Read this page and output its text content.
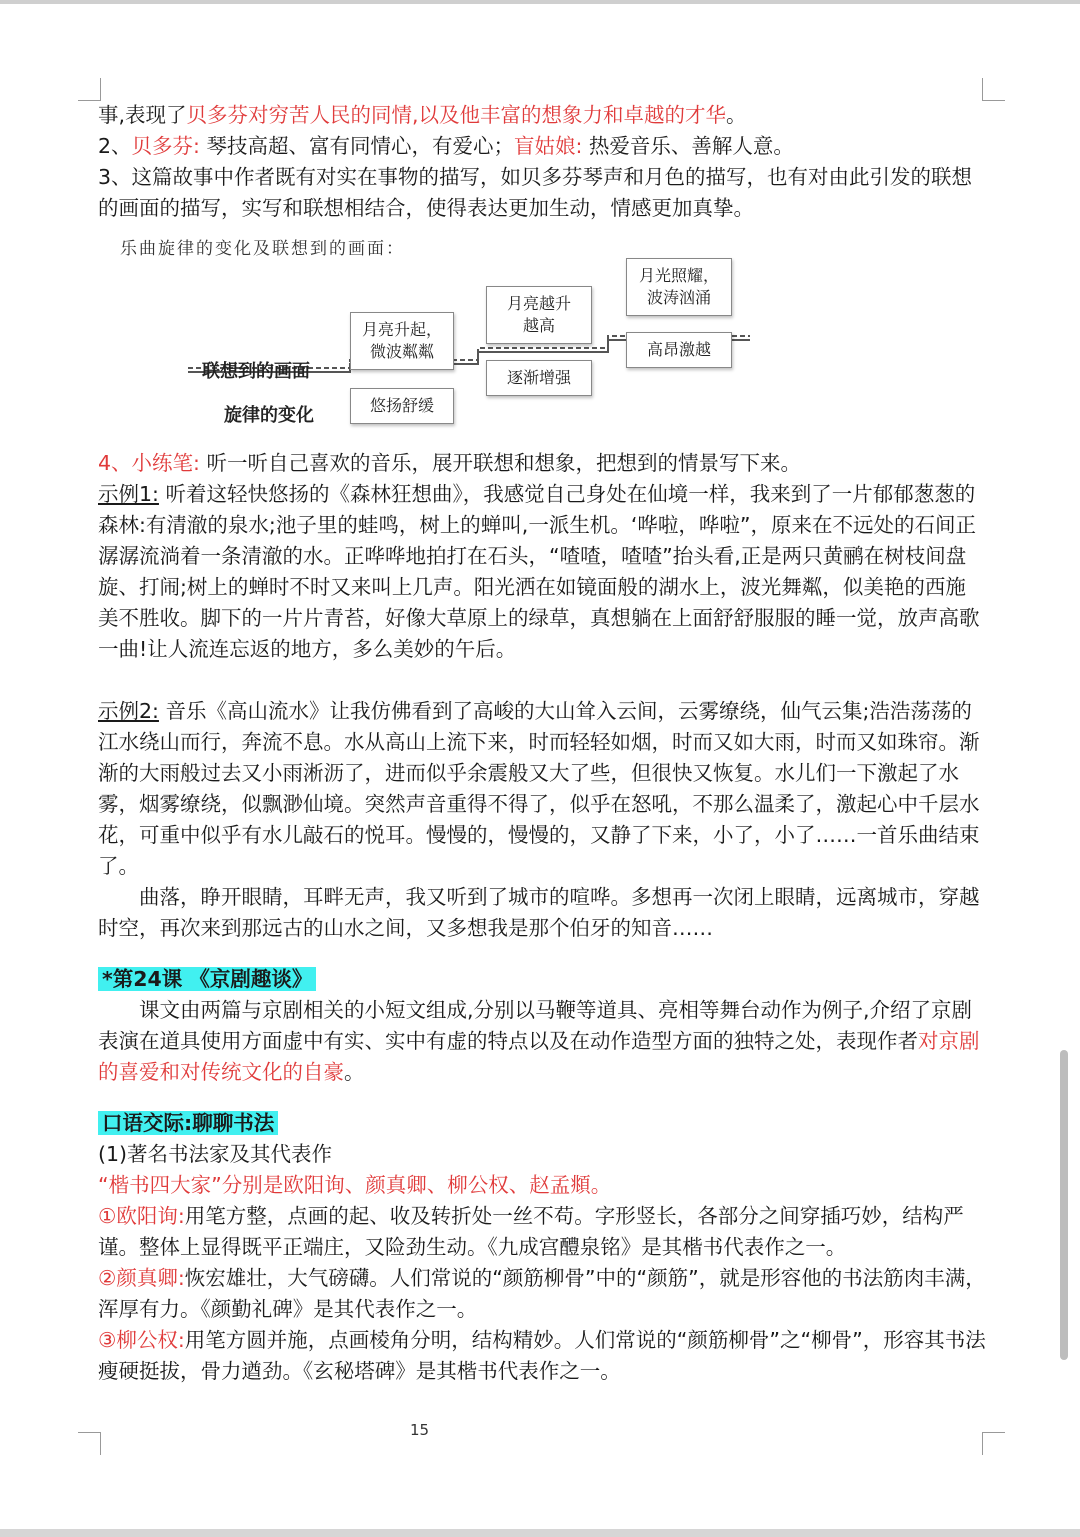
事,表现了贝多芬对穷苦人民的同情,以及他丰富的想象力和卓越的才华。

2、贝多芬: 琴技高超、富有同情心，有爱心；盲姑娘: 热爱音乐、善解人意。

3、这篇故事中作者既有对实在事物的描写，如贝多芬琴声和月色的描写，也有对由此引发的联想的画面的描写，实写和联想相结合，使得表达更加生动，情感更加真挚。

乐曲旋律的变化及联想到的画面：
联想到的画面
旋律的变化
月亮升起，
微波粼粼
月亮越升
越高
月光照耀，
波涛汹涌
悠扬舒缓
逐渐增强
高昂激越

4、小练笔: 听一听自己喜欢的音乐，展开联想和想象，把想到的情景写下来。

示例1: 听着这轻快悠扬的《森林狂想曲》，我感觉自己身处在仙境一样，我来到了一片郁郁葱葱的森林:有清澈的泉水;池子里的蛙鸣，树上的蝉叫,一派生机。‘哗啦，哗啦”，原来在不远处的石间正潺潺流淌着一条清澈的水。正哗哗地拍打在石头，“喳喳，喳喳”抬头看,正是两只黄鹂在树枝间盘旋、打闹;树上的蝉时不时又来叫上几声。阳光洒在如镜面般的湖水上，波光舞粼，似美艳的西施美不胜收。脚下的一片片青苔，好像大草原上的绿草，真想躺在上面舒舒服服的睡一觉，放声高歌一曲!让人流连忘返的地方，多么美妙的午后。

示例2: 音乐《高山流水》让我仿佛看到了高峻的大山耸入云间，云雾缭绕，仙气云集;浩浩荡荡的江水绕山而行，奔流不息。水从高山上流下来，时而轻轻如烟，时而又如大雨，时而又如珠帘。渐渐的大雨般过去又小雨淅沥了，进而似乎余震般又大了些，但很快又恢复。水儿们一下激起了水雾，烟雾缭绕，似飘渺仙境。突然声音重得不得了，似乎在怒吼，不那么温柔了，激起心中千层水花，可重中似乎有水儿敲石的悦耳。慢慢的，慢慢的，又静了下来，小了，小了……一首乐曲结束了。

曲落，睁开眼睛，耳畔无声，我又听到了城市的喧哗。多想再一次闭上眼睛，远离城市，穿越时空，再次来到那远古的山水之间，又多想我是那个伯牙的知音……

*第24课 《京剧趣谈》

课文由两篇与京剧相关的小短文组成,分别以马鞭等道具、亮相等舞台动作为例子,介绍了京剧表演在道具使用方面虚中有实、实中有虚的特点以及在动作造型方面的独特之处，表现作者对京剧的喜爱和对传统文化的自豪。

口语交际:聊聊书法

(1)著名书法家及其代表作

“楷书四大家”分别是欧阳询、颜真卿、柳公权、赵孟頫。

①欧阳询:用笔方整，点画的起、收及转折处一丝不苟。字形竖长，各部分之间穿插巧妙，结构严谨。整体上显得既平正端庄，又险劲生动。《九成宫醴泉铭》是其楷书代表作之一。

②颜真卿:恢宏雄壮，大气磅礴。人们常说的“颜筋柳骨”中的“颜筋”，就是形容他的书法筋肉丰满，浑厚有力。《颜勤礼碑》是其代表作之一。

③柳公权:用笔方圆并施，点画棱角分明，结构精妙。人们常说的“颜筋柳骨”之“柳骨”，形容其书法瘦硬挺拔，骨力遒劲。《玄秘塔碑》是其楷书代表作之一。

15
